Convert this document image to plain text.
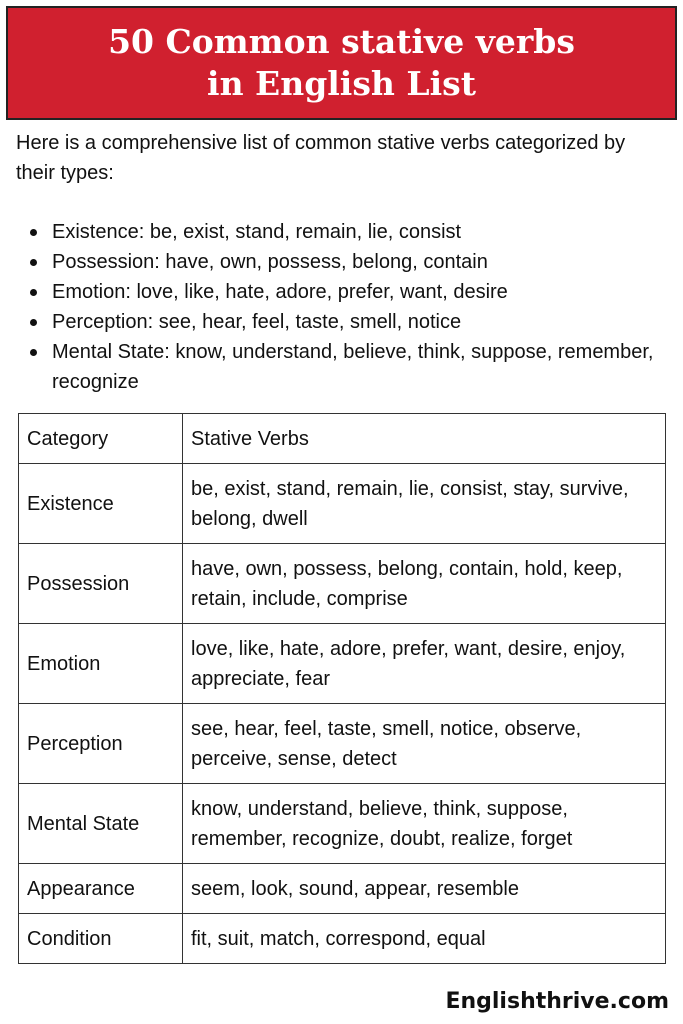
50 Common stative verbs
in English List

Here is a comprehensive list of common stative verbs categorized by their types:

Existence: be, exist, stand, remain, lie, consist
Possession: have, own, possess, belong, contain
Emotion: love, like, hate, adore, prefer, want, desire
Perception: see, hear, feel, taste, smell, notice
Mental State: know, understand, believe, think, suppose, remember, recognize
Category	Stative Verbs
Existence	be, exist, stand, remain, lie, consist, stay, survive, belong, dwell
Possession	have, own, possess, belong, contain, hold, keep, retain, include, comprise
Emotion	love, like, hate, adore, prefer, want, desire, enjoy, appreciate, fear
Perception	see, hear, feel, taste, smell, notice, observe, perceive, sense, detect
Mental State	know, understand, believe, think, suppose, remember, recognize, doubt, realize, forget
Appearance	seem, look, sound, appear, resemble
Condition	fit, suit, match, correspond, equal
Englishthrive.com
